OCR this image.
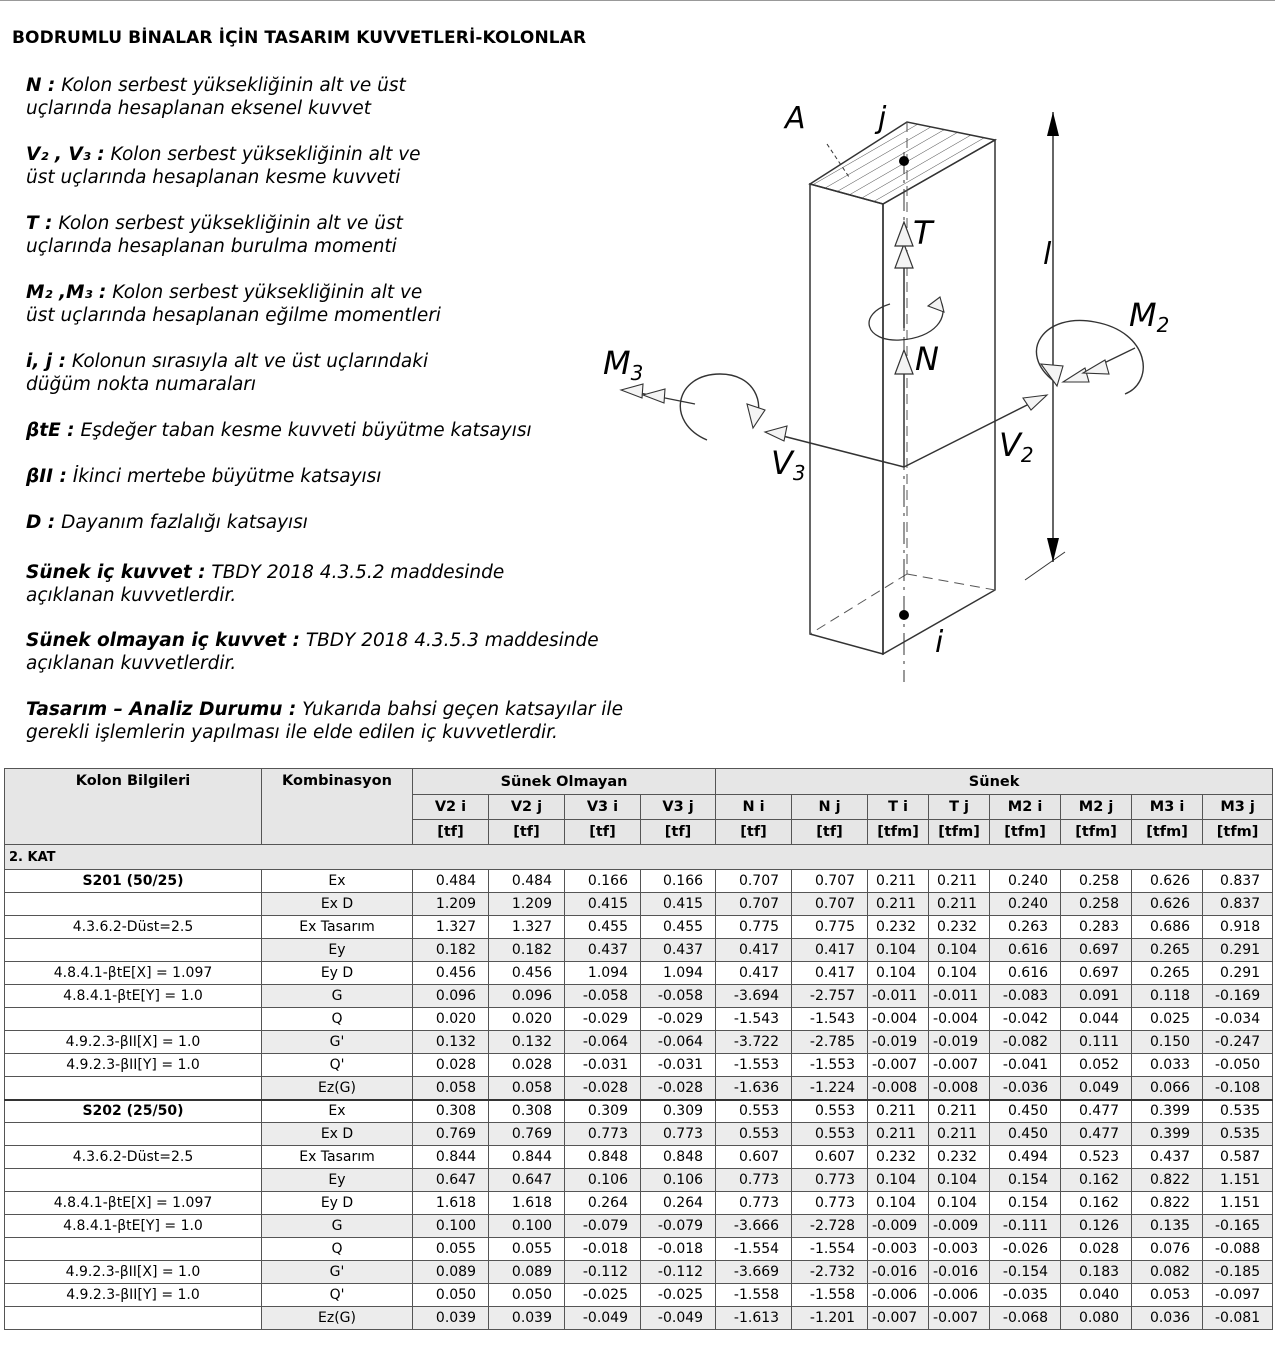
BODRUMLU BİNALAR İÇİN TASARIM KUVVETLERİ-KOLONLAR

N : Kolon serbest yüksekliğinin alt ve üst
uçlarında hesaplanan eksenel kuvvet

V₂ , V₃ : Kolon serbest yüksekliğinin alt ve
üst uçlarında hesaplanan kesme kuvveti

T : Kolon serbest yüksekliğinin alt ve üst
uçlarında hesaplanan burulma momenti

M₂ ,M₃ : Kolon serbest yüksekliğinin alt ve
üst uçlarında hesaplanan eğilme momentleri

i, j : Kolonun sırasıyla alt ve üst uçlarındaki
düğüm nokta numaraları

βtE : Eşdeğer taban kesme kuvveti büyütme katsayısı

βII : İkinci mertebe büyütme katsayısı

D : Dayanım fazlalığı katsayısı

Sünek iç kuvvet : TBDY 2018 4.3.5.2 maddesinde
açıklanan kuvvetlerdir.

Sünek olmayan iç kuvvet : TBDY 2018 4.3.5.3 maddesinde
açıklanan kuvvetlerdir.

Tasarım – Analiz Durumu : Yukarıda bahsi geçen katsayılar ile
gerekli işlemlerin yapılması ile elde edilen iç kuvvetlerdir.

A j
T
l
M2
M3	N
V2
V3
i
Kolon Bilgileri	Kombinasyon	Sünek Olmayan				Sünek							
		V2 i	V2 j	V3 i	V3 j	N i	N j	T i	T j	M2 i	M2 j	M3 i	M3 j
		[tf]	[tf]	[tf]	[tf]	[tf]	[tf]	[tfm]	[tfm]	[tfm]	[tfm]	[tfm]	[tfm]
2. KAT													
S201 (50/25)	Ex	0.484	0.484	0.166	0.166	0.707	0.707	0.211	0.211	0.240	0.258	0.626	0.837
	Ex D	1.209	1.209	0.415	0.415	0.707	0.707	0.211	0.211	0.240	0.258	0.626	0.837
4.3.6.2-Düst=2.5	Ex Tasarım	1.327	1.327	0.455	0.455	0.775	0.775	0.232	0.232	0.263	0.283	0.686	0.918
	Ey	0.182	0.182	0.437	0.437	0.417	0.417	0.104	0.104	0.616	0.697	0.265	0.291
4.8.4.1-βtE[X] = 1.097	Ey D	0.456	0.456	1.094	1.094	0.417	0.417	0.104	0.104	0.616	0.697	0.265	0.291
4.8.4.1-βtE[Y] = 1.0	G	0.096	0.096	-0.058	-0.058	-3.694	-2.757	-0.011	-0.011	-0.083	0.091	0.118	-0.169
	Q	0.020	0.020	-0.029	-0.029	-1.543	-1.543	-0.004	-0.004	-0.042	0.044	0.025	-0.034
4.9.2.3-βII[X] = 1.0	G'	0.132	0.132	-0.064	-0.064	-3.722	-2.785	-0.019	-0.019	-0.082	0.111	0.150	-0.247
4.9.2.3-βII[Y] = 1.0	Q'	0.028	0.028	-0.031	-0.031	-1.553	-1.553	-0.007	-0.007	-0.041	0.052	0.033	-0.050
	Ez(G)	0.058	0.058	-0.028	-0.028	-1.636	-1.224	-0.008	-0.008	-0.036	0.049	0.066	-0.108
S202 (25/50)	Ex	0.308	0.308	0.309	0.309	0.553	0.553	0.211	0.211	0.450	0.477	0.399	0.535
	Ex D	0.769	0.769	0.773	0.773	0.553	0.553	0.211	0.211	0.450	0.477	0.399	0.535
4.3.6.2-Düst=2.5	Ex Tasarım	0.844	0.844	0.848	0.848	0.607	0.607	0.232	0.232	0.494	0.523	0.437	0.587
	Ey	0.647	0.647	0.106	0.106	0.773	0.773	0.104	0.104	0.154	0.162	0.822	1.151
4.8.4.1-βtE[X] = 1.097	Ey D	1.618	1.618	0.264	0.264	0.773	0.773	0.104	0.104	0.154	0.162	0.822	1.151
4.8.4.1-βtE[Y] = 1.0	G	0.100	0.100	-0.079	-0.079	-3.666	-2.728	-0.009	-0.009	-0.111	0.126	0.135	-0.165
	Q	0.055	0.055	-0.018	-0.018	-1.554	-1.554	-0.003	-0.003	-0.026	0.028	0.076	-0.088
4.9.2.3-βII[X] = 1.0	G'	0.089	0.089	-0.112	-0.112	-3.669	-2.732	-0.016	-0.016	-0.154	0.183	0.082	-0.185
4.9.2.3-βII[Y] = 1.0	Q'	0.050	0.050	-0.025	-0.025	-1.558	-1.558	-0.006	-0.006	-0.035	0.040	0.053	-0.097
	Ez(G)	0.039	0.039	-0.049	-0.049	-1.613	-1.201	-0.007	-0.007	-0.068	0.080	0.036	-0.081
